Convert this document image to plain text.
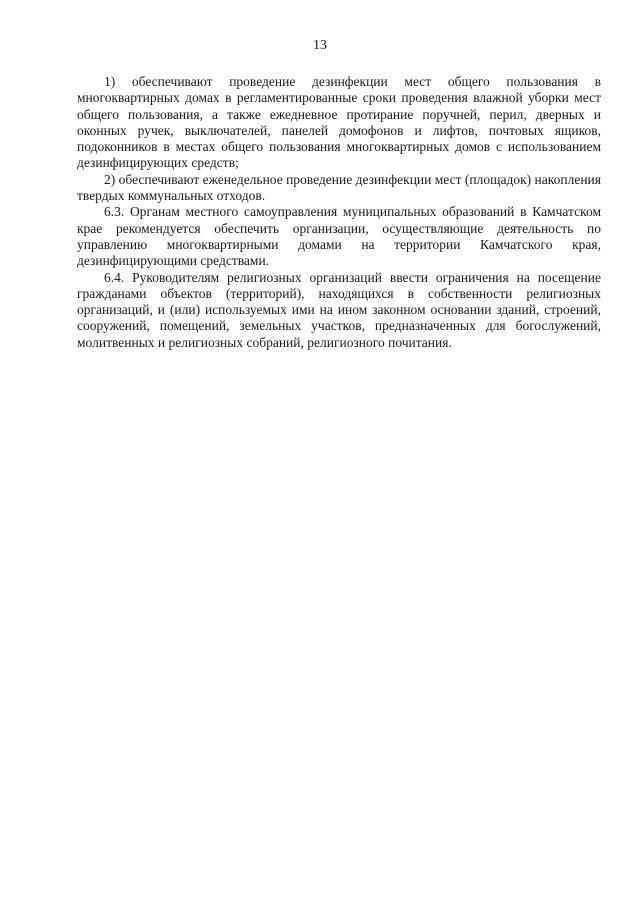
13

1) обеспечивают проведение дезинфекции мест общего пользования в многоквартирных домах в регламентированные сроки проведения влажной уборки мест общего пользования, а также ежедневное протирание поручней, перил, дверных и оконных ручек, выключателей, панелей домофонов и лифтов, почтовых ящиков, подоконников в местах общего пользования многоквартирных домов с использованием дезинфицирующих средств;

2) обеспечивают еженедельное проведение дезинфекции мест (площадок) накопления твердых коммунальных отходов.

6.3. Органам местного самоуправления муниципальных образований в Камчатском крае рекомендуется обеспечить организации, осуществляющие деятельность по управлению многоквартирными домами на территории Камчатского края, дезинфицирующими средствами.

6.4. Руководителям религиозных организаций ввести ограничения на посещение гражданами объектов (территорий), находящихся в собственности религиозных организаций, и (или) используемых ими на ином законном основании зданий, строений, сооружений, помещений, земельных участков, предназначенных для богослужений, молитвенных и религиозных собраний, религиозного почитания.
